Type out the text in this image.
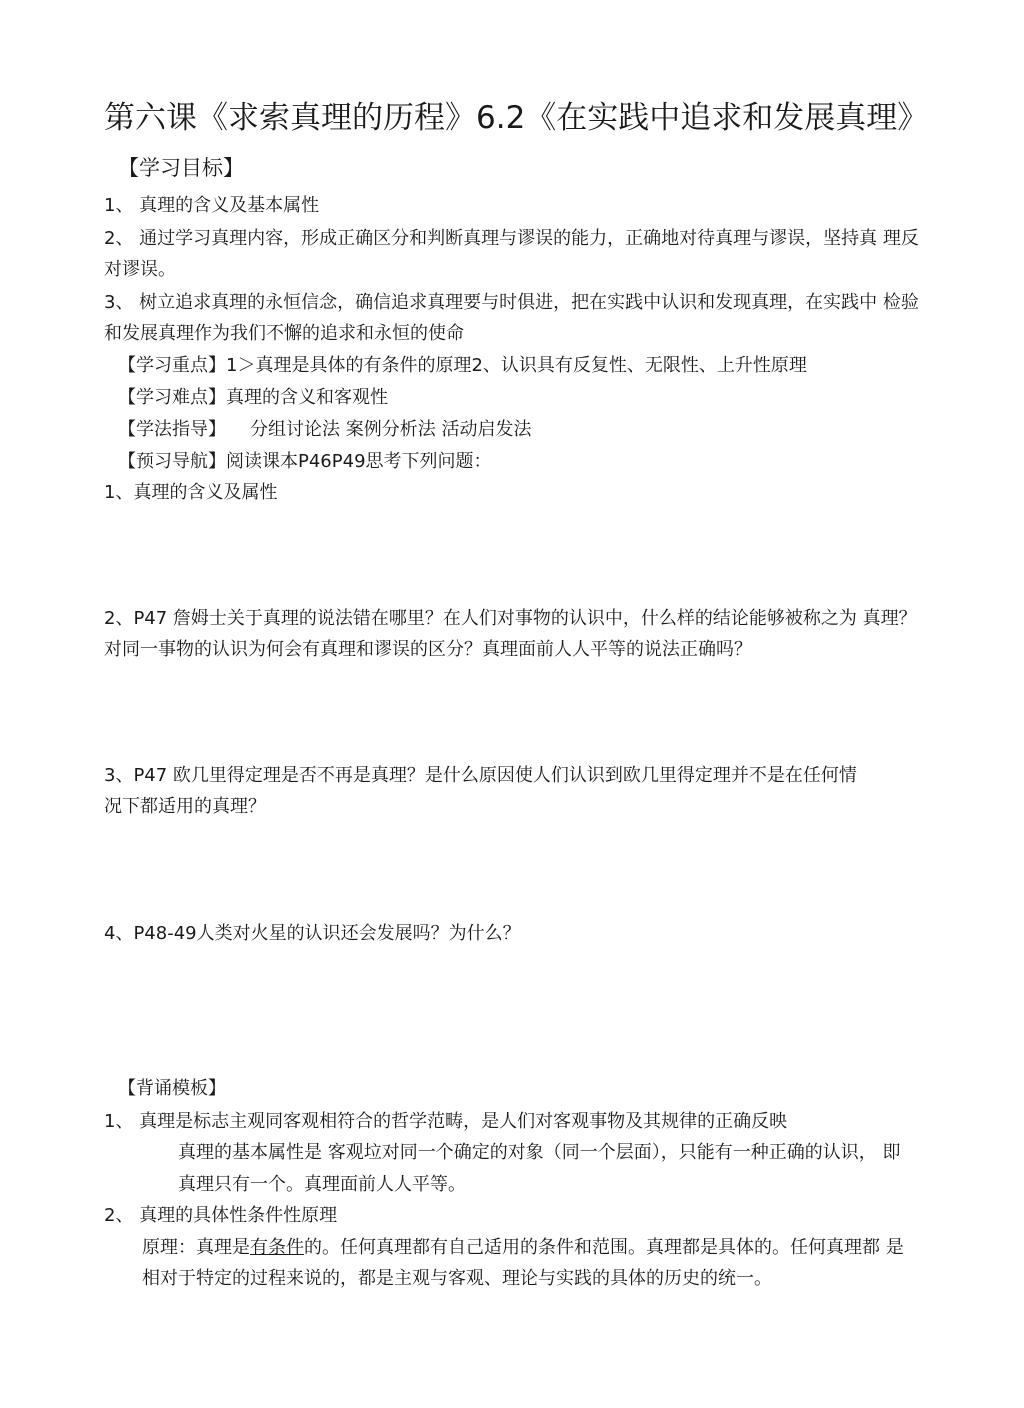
第六课《求索真理的历程》6.2《在实践中追求和发展真理》
【学习目标】
1、 真理的含义及基本属性
2、 通过学习真理内容，形成正确区分和判断真理与谬误的能力，正确地对待真理与谬误，坚持真 理反
对谬误。
3、 树立追求真理的永恒信念，确信追求真理要与时俱进，把在实践中认识和发现真理，在实践中 检验
和发展真理作为我们不懈的追求和永恒的使命
【学习重点】1＞真理是具体的有条件的原理2、认识具有反复性、无限性、上升性原理
【学习难点】真理的含义和客观性
【学法指导】 分组讨论法 案例分析法 活动启发法
【预习导航】阅读课本P46P49思考下列问题：
1、真理的含义及属性
2、P47 詹姆士关于真理的说法错在哪里？在人们对事物的认识中，什么样的结论能够被称之为 真理？
对同一事物的认识为何会有真理和谬误的区分？真理面前人人平等的说法正确吗？
3、P47 欧几里得定理是否不再是真理？是什么原因使人们认识到欧几里得定理并不是在任何情
况下都适用的真理？
4、P48-49人类对火星的认识还会发展吗？为什么？
【背诵模板】
1、 真理是标志主观同客观相符合的哲学范畴，是人们对客观事物及其规律的正确反映
真理的基本属性是 客观垃对同一个确定的对象（同一个层面），只能有一种正确的认识， 即
真理只有一个。真理面前人人平等。
2、 真理的具体性条件性原理
原理：真理是有条件的。任何真理都有自己适用的条件和范围。真理都是具体的。任何真理都 是
相对于特定的过程来说的，都是主观与客观、理论与实践的具体的历史的统一。
